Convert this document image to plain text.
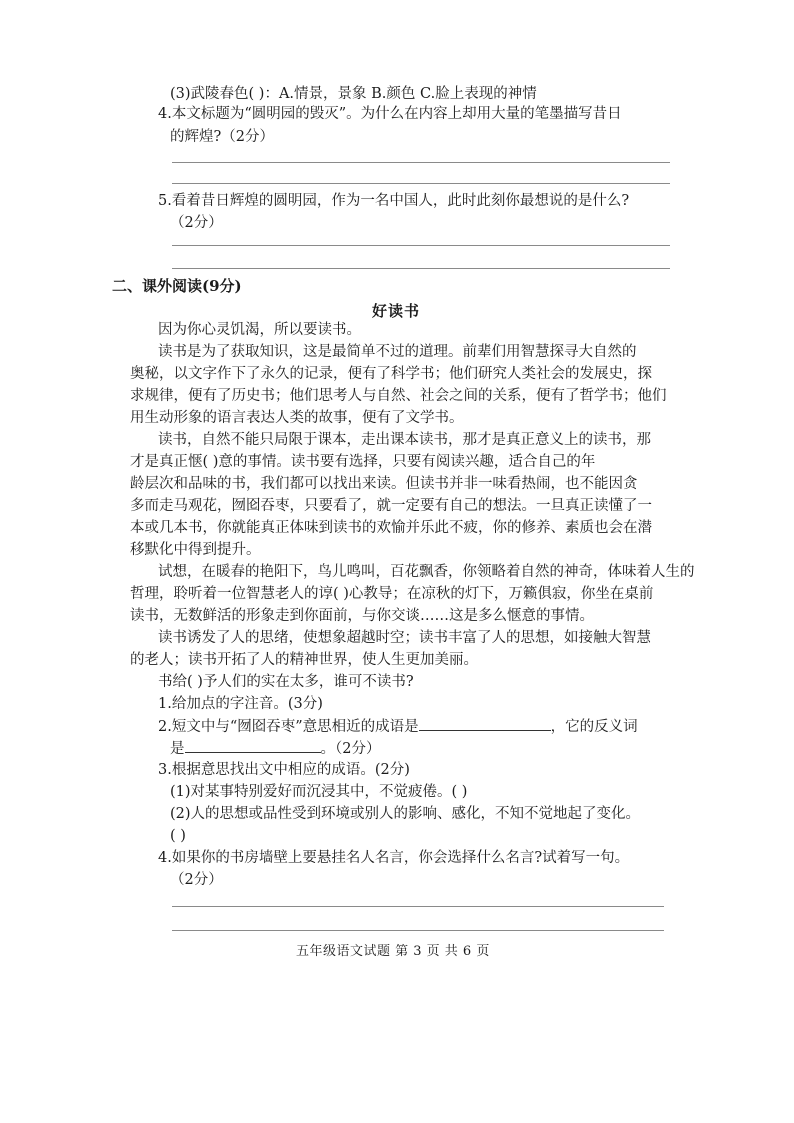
(3)武陵春色( )：A.情景，景象 B.颜色 C.脸上表现的神情
4.本文标题为“圆明园的毁灭”。为什么在内容上却用大量的笔墨描写昔日
的辉煌?（2分）
5.看着昔日辉煌的圆明园，作为一名中国人，此时此刻你最想说的是什么?
（2分）
二、课外阅读(9分)
好读书
因为你心灵饥渴，所以要读书。
读书是为了获取知识，这是最简单不过的道理。前辈们用智慧探寻大自然的
奥秘，以文字作下了永久的记录，便有了科学书；他们研究人类社会的发展史，探
求规律，便有了历史书；他们思考人与自然、社会之间的关系，便有了哲学书；他们
用生动形象的语言表达人类的故事，便有了文学书。
读书，自然不能只局限于课本，走出课本读书，那才是真正意义上的读书，那
才是真正惬( )意的事情。读书要有选择，只要有阅读兴趣，适合自己的年
龄层次和品味的书，我们都可以找出来读。但读书并非一味看热闹，也不能因贪
多而走马观花，囫囵吞枣，只要看了，就一定要有自己的想法。一旦真正读懂了一
本或几本书，你就能真正体味到读书的欢愉并乐此不疲，你的修养、素质也会在潜
移默化中得到提升。
试想，在暖春的艳阳下，鸟儿鸣叫，百花飘香，你领略着自然的神奇，体味着人生的
哲理，聆听着一位智慧老人的谆( )心教导；在凉秋的灯下，万籁俱寂，你坐在桌前
读书，无数鲜活的形象走到你面前，与你交谈……这是多么惬意的事情。
读书诱发了人的思绪，使想象超越时空；读书丰富了人的思想，如接触大智慧
的老人；读书开拓了人的精神世界，使人生更加美丽。
书给( )予人们的实在太多，谁可不读书?
1.给加点的字注音。(3分)
2.短文中与“囫囵吞枣”意思相近的成语是	，它的反义词
是	。（2分）
3.根据意思找出文中相应的成语。(2分)
(1)对某事特别爱好而沉浸其中，不觉疲倦。( )
(2)人的思想或品性受到环境或别人的影响、感化，不知不觉地起了变化。
( )
4.如果你的书房墙壁上要悬挂名人名言，你会选择什么名言?试着写一句。
（2分）
五年级语文试题 第 3 页 共 6 页
